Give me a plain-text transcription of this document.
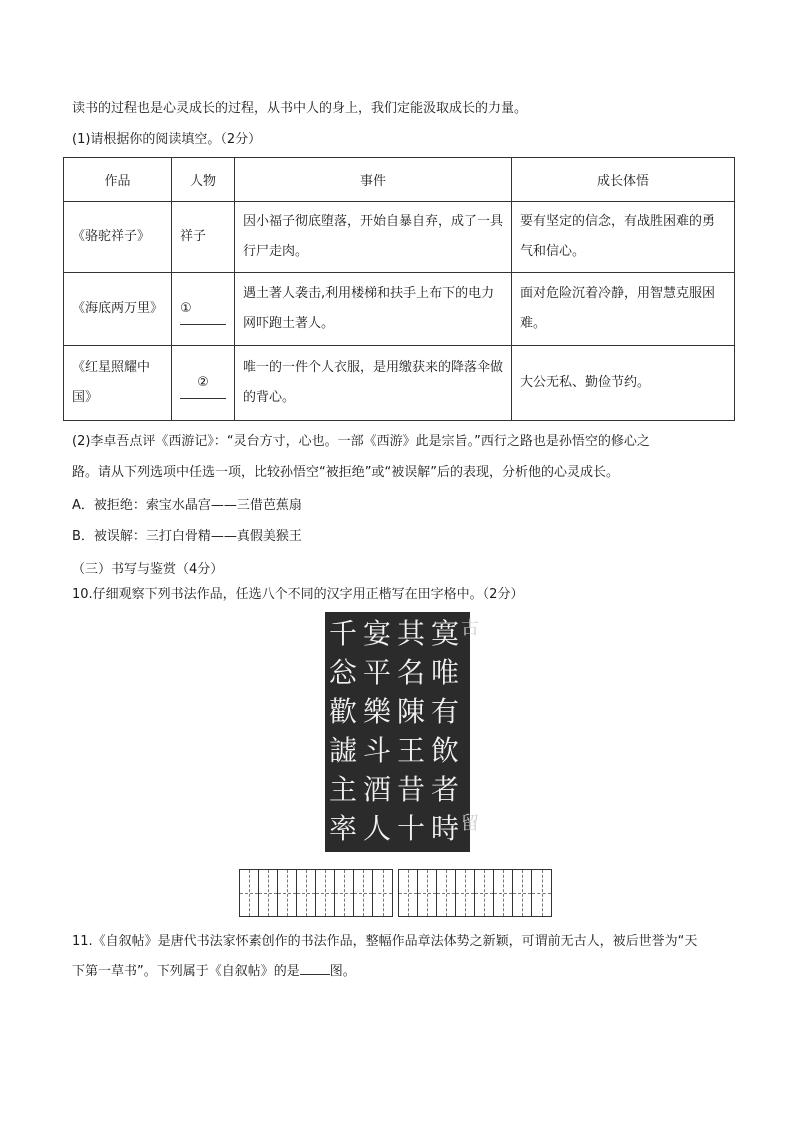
读书的过程也是心灵成长的过程，从书中人的身上，我们定能汲取成长的力量。
(1)请根据你的阅读填空。（2分）
作品	人物	事件	成长体悟
《骆驼祥子》	祥子	因小福子彻底堕落，开始自暴自弃，成了一具行尸走肉。	要有坚定的信念，有战胜困难的勇气和信心。
《海底两万里》	①	遇土著人袭击,利用楼梯和扶手上布下的电力网吓跑土著人。	面对危险沉着冷静，用智慧克服困难。
《红星照耀中国》	②	唯一的一件个人衣服，是用缴获来的降落伞做的背心。	大公无私、勤俭节约。
(2)李卓吾点评《西游记》：“灵台方寸，心也。一部《西游》此是宗旨。”西行之路也是孙悟空的修心之
路。请从下列选项中任选一项，比较孙悟空“被拒绝”或“被误解”后的表现，分析他的心灵成长。
A．被拒绝：索宝水晶宫——三借芭蕉扇
B．被误解：三打白骨精——真假美猴王
（三）书写与鉴赏（4分）
10.仔细观察下列书法作品，任选八个不同的汉字用正楷写在田字格中。（2分）
千
忩
歡
譃
主
率
宴
平
樂
斗
酒
人
其
名
陳
王
昔
十
寞
唯
有
飲
者
時
古
留
11.《自叙帖》是唐代书法家怀素创作的书法作品，整幅作品章法体势之新颖，可谓前无古人，被后世誉为“天
下第一草书”。下列属于《自叙帖》的是 图。
